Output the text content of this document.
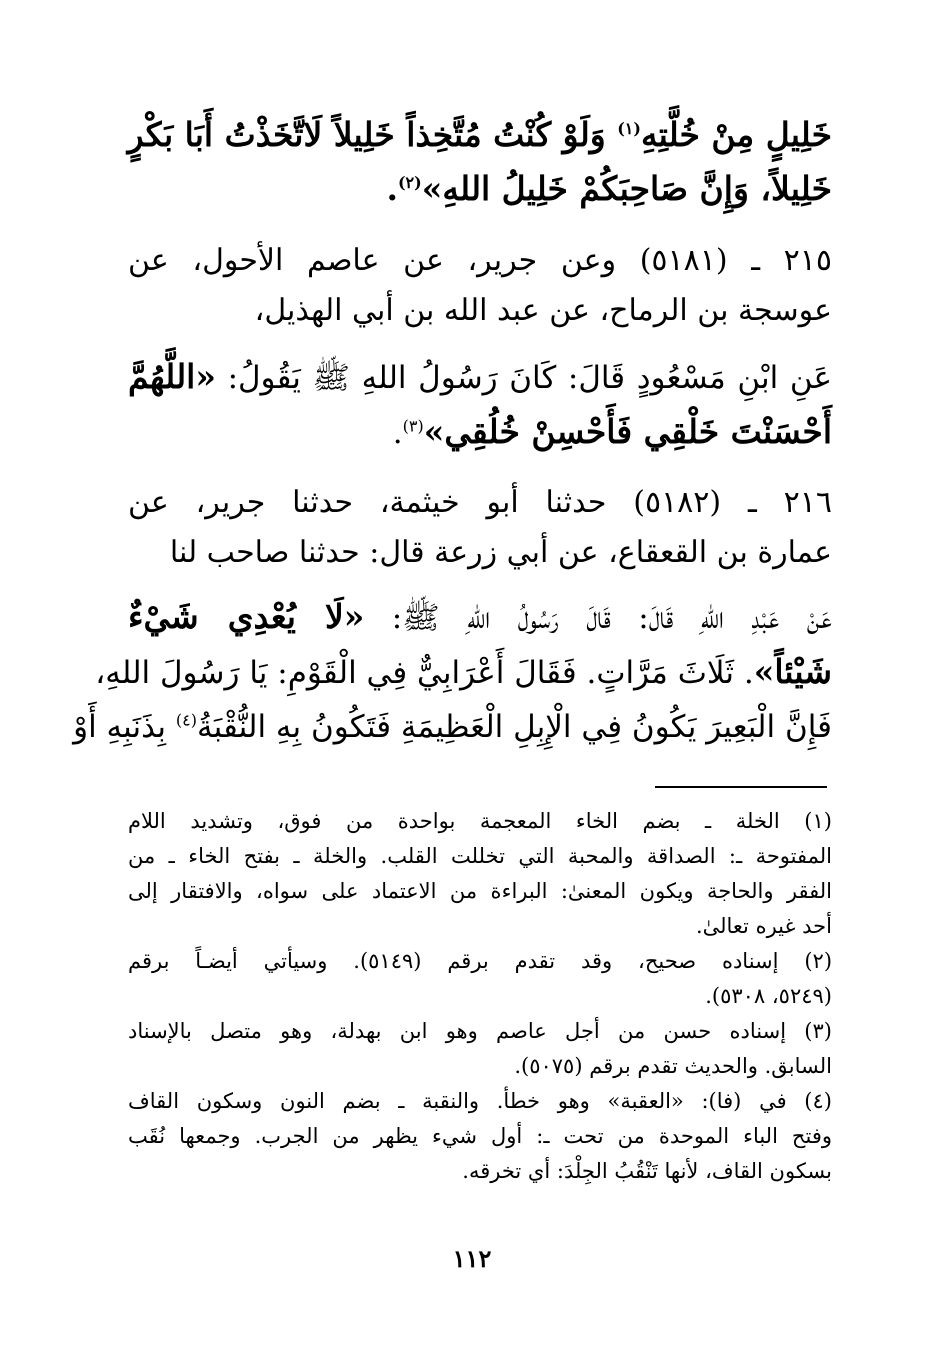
خَلِيلٍ مِنْ خُلَّتِهِ$^{(١)}$ وَلَوْ كُنْتُ مُتَّخِذاً خَلِيلاً لَاتَّخَذْتُ أَبَا بَكْرٍ
خَلِيلاً، وَإِنَّ صَاحِبَكُمْ خَلِيلُ اللهِ»$^{(٢)}$.
٢١٥ ـ (٥١٨١) وعن جرير، عن عاصم الأحول، عن
عوسجة بن الرماح، عن عبد الله بن أبي الهذيل،
عَنِ ابْنِ مَسْعُودٍ قَالَ: كَانَ رَسُولُ اللهِ ﷺ يَقُولُ: «اللَّهُمَّ
أَحْسَنْتَ خَلْقِي فَأَحْسِنْ خُلُقِي»$^{(٣)}$.
٢١٦ ـ (٥١٨٢) حدثنا أبو خيثمة، حدثنا جرير، عن
عمارة بن القعقاع، عن أبي زرعة قال: حدثنا صاحب لنا
عَنْ عَبْدِ اللهِ قَالَ: قَالَ رَسُولُ اللهِ ﷺ: «لَا يُعْدِي شَيْءٌ
شَيْئاً». ثَلَاثَ مَرَّاتٍ. فَقَالَ أَعْرَابِيٌّ فِي الْقَوْمِ: يَا رَسُولَ اللهِ،
فَإِنَّ الْبَعِيرَ يَكُونُ فِي الْإِبِلِ الْعَظِيمَةِ فَتَكُونُ بِهِ النُّقْبَةُ$^{(٤)}$ بِذَنَبِهِ أَوْ
(١) الخلة ـ بضم الخاء المعجمة بواحدة من فوق، وتشديد اللام
المفتوحة ـ: الصداقة والمحبة التي تخللت القلب. والخلة ـ بفتح الخاء ـ من
الفقر والحاجة ويكون المعنىٰ: البراءة من الاعتماد على سواه، والافتقار إلى
أحد غيره تعالىٰ.
(٢) إسناده صحيح، وقد تقدم برقم (٥١٤٩). وسيأتي أيضـاً برقم
(٥٢٤٩، ٥٣٠٨).
(٣) إسناده حسن من أجل عاصم وهو ابن بهدلة، وهو متصل بالإسناد
السابق. والحديث تقدم برقم (٥٠٧٥).
(٤) في (فا): «العقبة» وهو خطأ. والنقبة ـ بضم النون وسكون القاف
وفتح الباء الموحدة من تحت ـ: أول شيء يظهر من الجرب. وجمعها نُقَب
بسكون القاف، لأنها تَنْقُبُ الجِلْدَ: أي تخرقه.
١١٢
